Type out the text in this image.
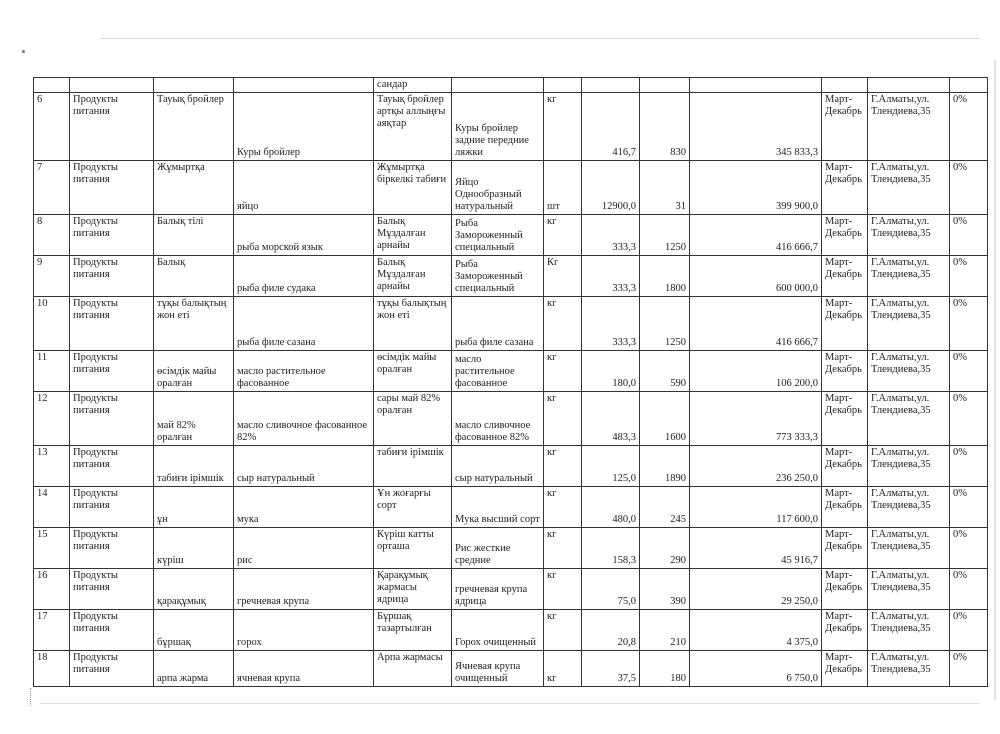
				сандар								
6	Продукты питания	Тауық бройлер	Куры бройлер	Тауық бройлер артқы аллыңғы аяқтар	Куры бройлер задние передние ляжки	кг	416,7	830	345 833,3	Март-Декабрь	Г.Алматы,ул. Тлендиева,35	0%
7	Продукты питания	Жұмыртқа	яйцо	Жұмыртқа біркелкі табиғи	Яйцо Однообразный натуральный	шт	12900,0	31	399 900,0	Март-Декабрь	Г.Алматы,ул. Тлендиева,35	0%
8	Продукты питания	Балық тілі	рыба морской язык	Балық Мұздалған арнайы	Рыба Замороженный специальный	кг	333,3	1250	416 666,7	Март-Декабрь	Г.Алматы,ул. Тлендиева,35	0%
9	Продукты питания	Балық	рыба филе судака	Балық Мұздалған арнайы	Рыба Замороженный специальный	Кг	333,3	1800	600 000,0	Март-Декабрь	Г.Алматы,ул. Тлендиева,35	0%
10	Продукты питания	тұқы балықтың жон еті	рыба филе сазана	тұқы балықтың жон еті	рыба филе сазана	кг	333,3	1250	416 666,7	Март-Декабрь	Г.Алматы,ул. Тлендиева,35	0%
11	Продукты питания	өсімдік майы оралған	масло растительное фасованное	өсімдік майы оралған	масло растительное фасованное	кг	180,0	590	106 200,0	Март-Декабрь	Г.Алматы,ул. Тлендиева,35	0%
12	Продукты питания	май 82% оралған	масло сливочное фасованное 82%	сары май 82% оралған	масло сливочное фасованное 82%	кг	483,3	1600	773 333,3	Март-Декабрь	Г.Алматы,ул. Тлендиева,35	0%
13	Продукты питания	табиғи ірімшік	сыр натуральный	табиғи ірімшік	сыр натуральный	кг	125,0	1890	236 250,0	Март-Декабрь	Г.Алматы,ул. Тлендиева,35	0%
14	Продукты питания	ұн	мука	Ұн жоғарғы сорт	Мука высший сорт	кг	480,0	245	117 600,0	Март-Декабрь	Г.Алматы,ул. Тлендиева,35	0%
15	Продукты питания	күріш	рис	Күріш катты орташа	Рис жесткие средние	кг	158,3	290	45 916,7	Март-Декабрь	Г.Алматы,ул. Тлендиева,35	0%
16	Продукты питания	қарақұмық	гречневая крупа	Қарақұмық жармасы ядрица	гречневая крупа ядрица	кг	75,0	390	29 250,0	Март-Декабрь	Г.Алматы,ул. Тлендиева,35	0%
17	Продукты питания	бұршақ	горох	Бұршақ тазартылған	Горох очищенный	кг	20,8	210	4 375,0	Март-Декабрь	Г.Алматы,ул. Тлендиева,35	0%
18	Продукты питания	арпа жарма	ячневая крупа	Арпа жармасы	Ячневая крупа очищенный	кг	37,5	180	6 750,0	Март-Декабрь	Г.Алматы,ул. Тлендиева,35	0%
